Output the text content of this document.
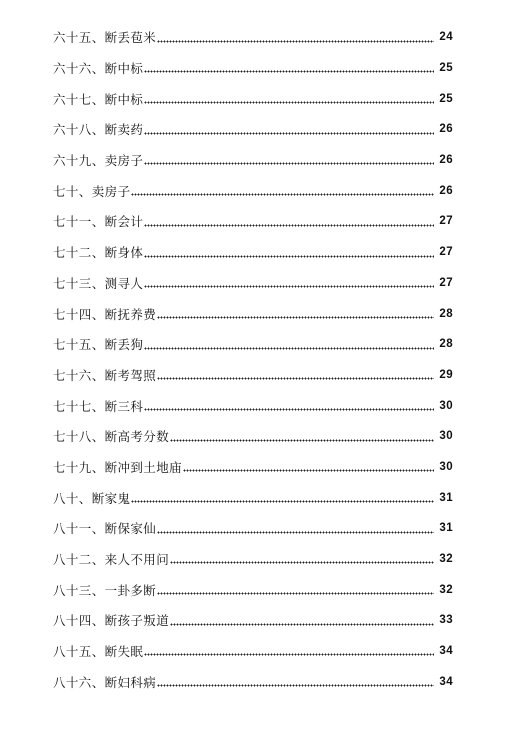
六十五、断丢苞米	24
六十六、断中标	25
六十七、断中标	25
六十八、断卖药	26
六十九、卖房子	26
七十、卖房子	26
七十一、断会计	27
七十二、断身体	27
七十三、测寻人	27
七十四、断抚养费	28
七十五、断丢狗	28
七十六、断考驾照	29
七十七、断三科	30
七十八、断高考分数	30
七十九、断冲到土地庙	30
八十、断家鬼	31
八十一、断保家仙	31
八十二、来人不用问	32
八十三、一卦多断	32
八十四、断孩子叛道	33
八十五、断失眠	34
八十六、断妇科病	34
